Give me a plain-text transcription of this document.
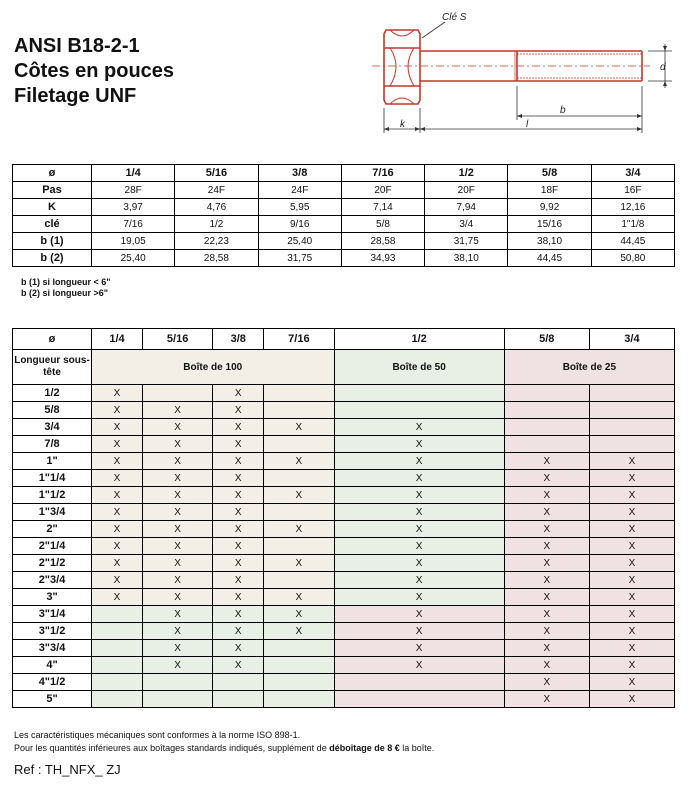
ANSI B18-2-1
Côtes en pouces
Filetage UNF
Clé S
d
k	l
b
ø	1/4	5/16	3/8	7/16	1/2	5/8	3/4
Pas	28F	24F	24F	20F	20F	18F	16F
K	3,97	4,76	5,95	7,14	7,94	9,92	12,16
clé	7/16	1/2	9/16	5/8	3/4	15/16	1"1/8
b (1)	19,05	22,23	25,40	28,58	31,75	38,10	44,45
b (2)	25,40	28,58	31,75	34,93	38,10	44,45	50,80
b (1) si longueur < 6"
b (2) si longueur >6"
ø	1/4	5/16	3/8	7/16	1/2	5/8	3/4
Longueur sous-tête	Boîte de 100				Boîte de 50	Boîte de 25	
1/2	X		X				
5/8	X	X	X				
3/4	X	X	X	X	X		
7/8	X	X	X		X		
1"	X	X	X	X	X	X	X
1"1/4	X	X	X		X	X	X
1"1/2	X	X	X	X	X	X	X
1"3/4	X	X	X		X	X	X
2"	X	X	X	X	X	X	X
2"1/4	X	X	X		X	X	X
2"1/2	X	X	X	X	X	X	X
2"3/4	X	X	X		X	X	X
3"	X	X	X	X	X	X	X
3"1/4		X	X	X	X	X	X
3"1/2		X	X	X	X	X	X
3"3/4		X	X		X	X	X
4"		X	X		X	X	X
4"1/2						X	X
5"						X	X
Les caractéristiques mécaniques sont conformes à la norme ISO 898-1.
Pour les quantités inférieures aux boîtages standards indiqués, supplément de déboîtage de 8 € la boîte.
Ref : TH_NFX_ ZJ
